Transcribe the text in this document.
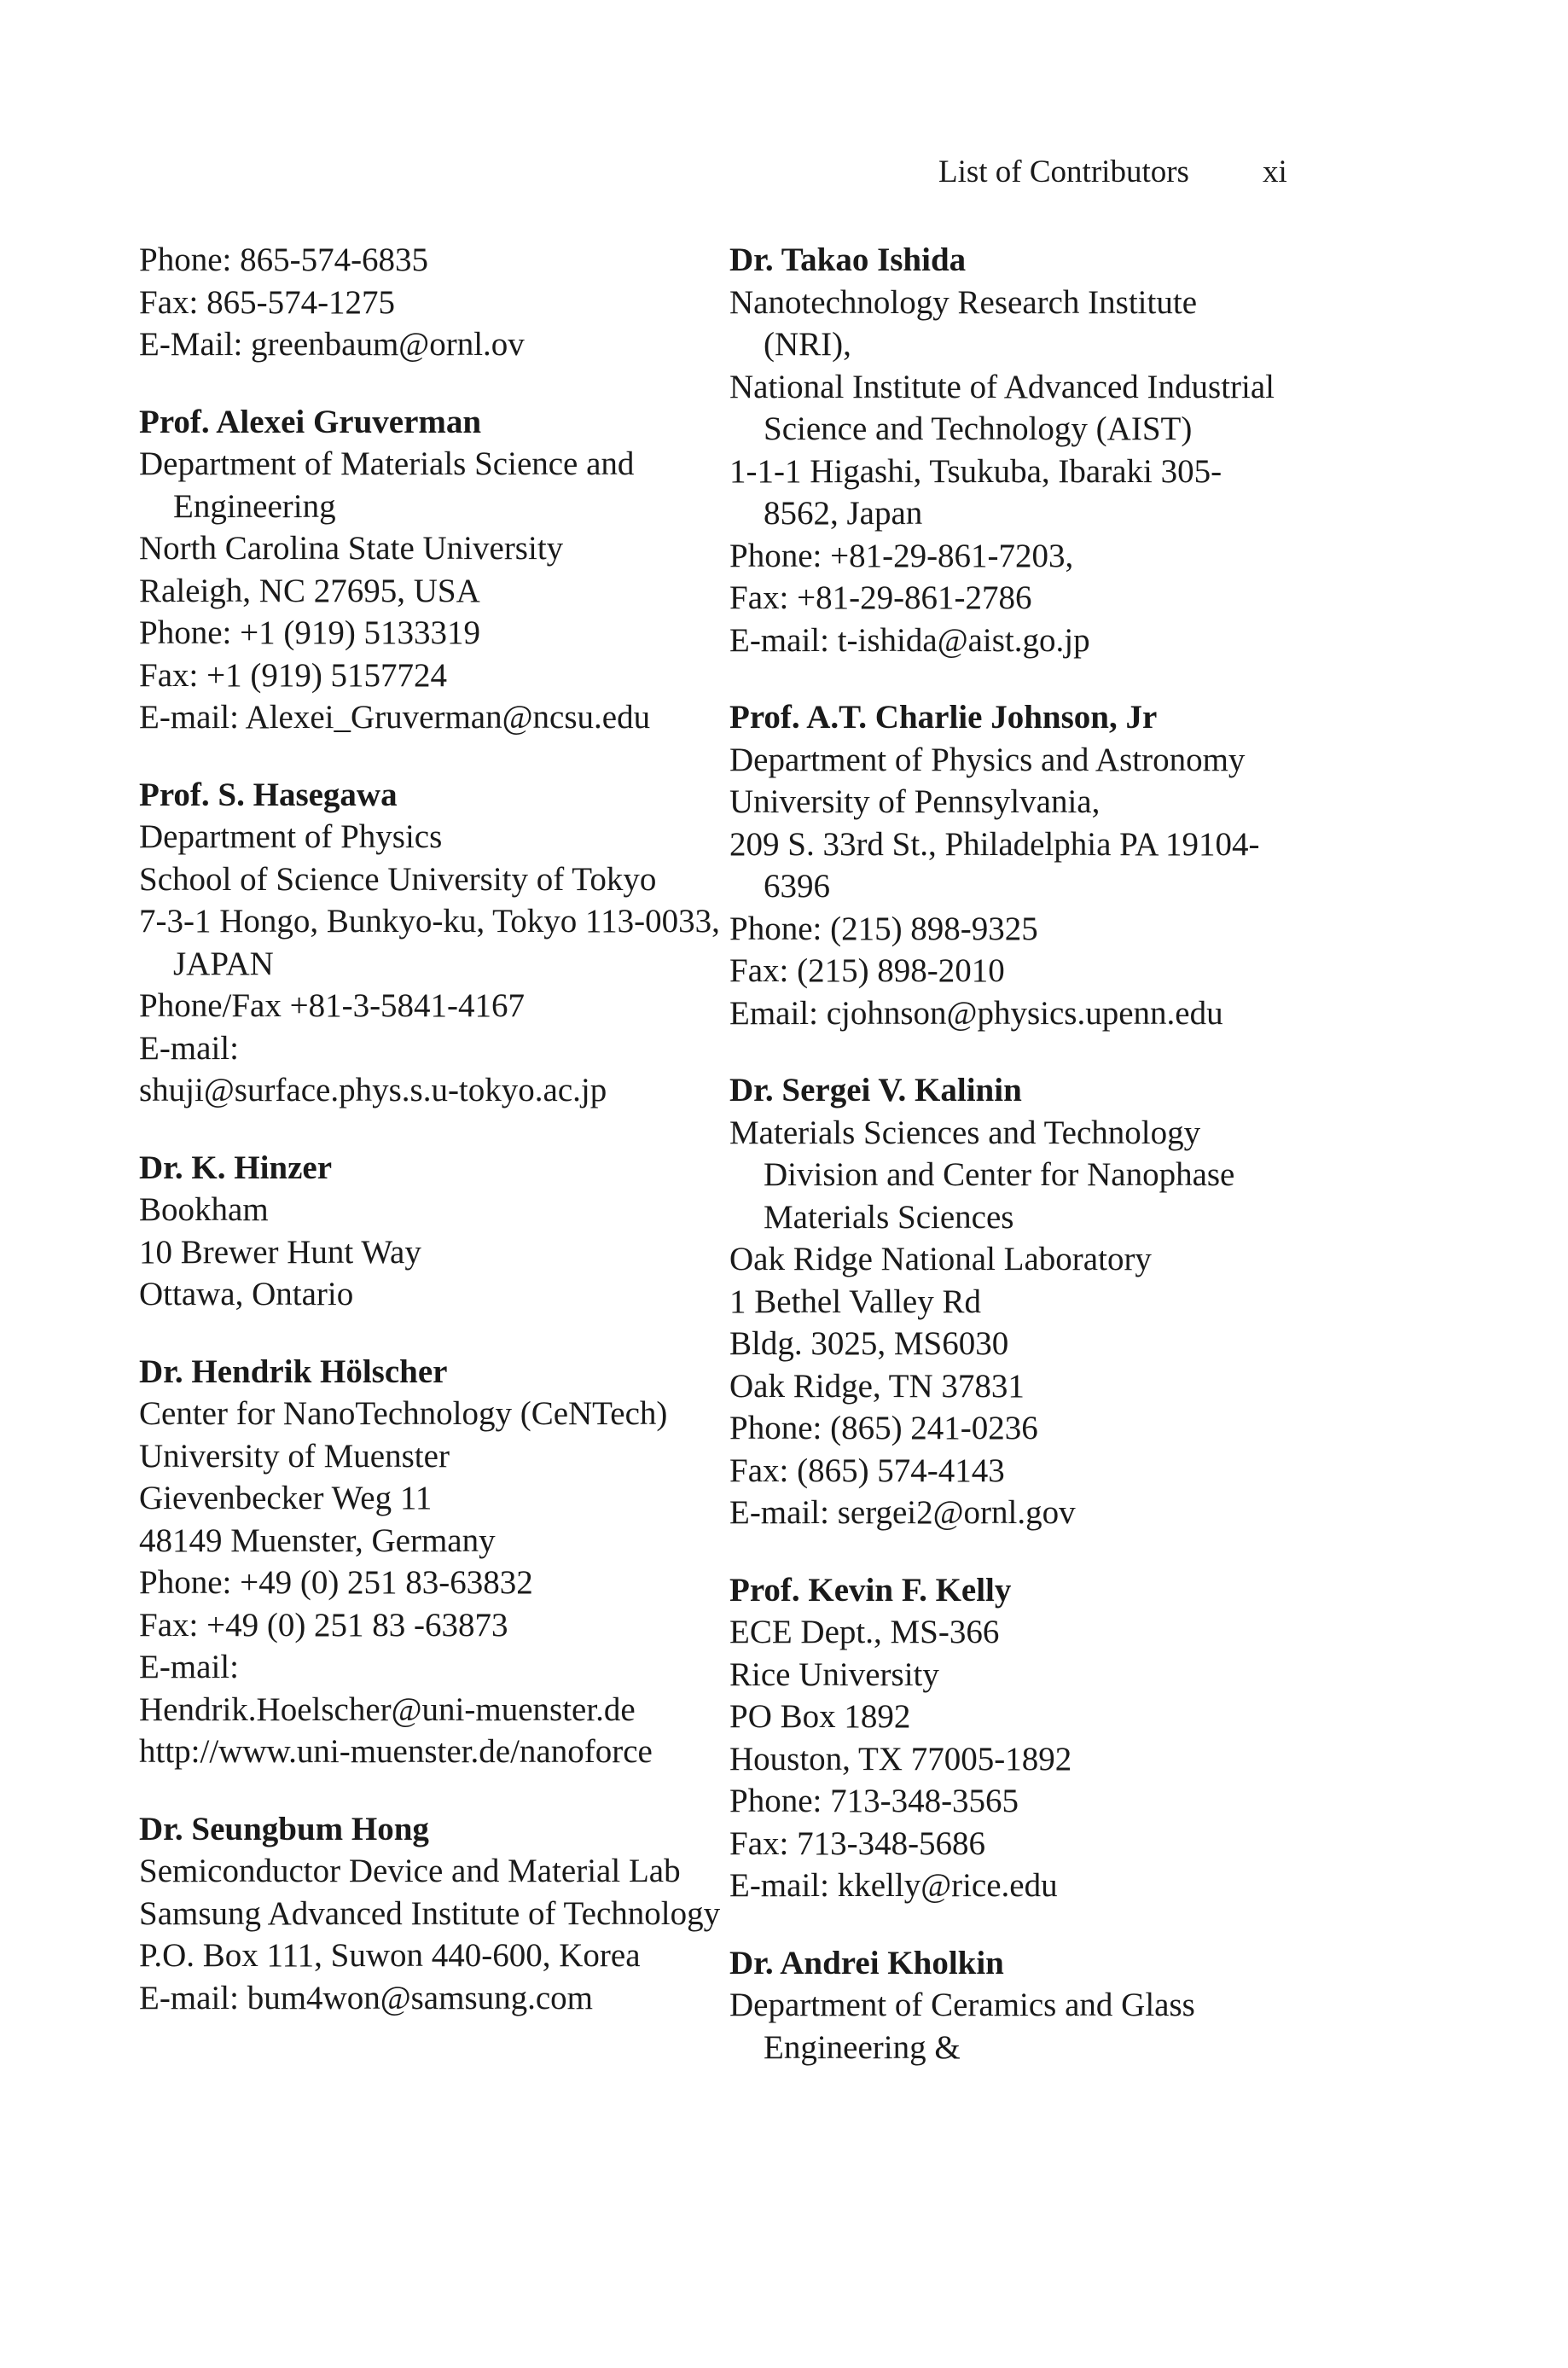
List of Contributors xi
Phone: 865-574-6835
Fax: 865-574-1275
E-Mail: greenbaum@ornl.ov
Prof. Alexei Gruverman
Department of Materials Science and Engineering
North Carolina State University
Raleigh, NC 27695, USA
Phone: +1 (919) 5133319
Fax: +1 (919) 5157724
E-mail: Alexei_Gruverman@ncsu.edu
Prof. S. Hasegawa
Department of Physics
School of Science University of Tokyo
7-3-1 Hongo, Bunkyo-ku, Tokyo 113-0033, JAPAN
Phone/Fax +81-3-5841-4167
E-mail:
shuji@surface.phys.s.u-tokyo.ac.jp
Dr. K. Hinzer
Bookham
10 Brewer Hunt Way
Ottawa, Ontario
Dr. Hendrik Hölscher
Center for NanoTechnology (CeNTech)
University of Muenster
Gievenbecker Weg 11
48149 Muenster, Germany
Phone: +49 (0) 251 83-63832
Fax: +49 (0) 251 83 -63873
E-mail:
Hendrik.Hoelscher@uni-muenster.de
http://www.uni-muenster.de/nanoforce
Dr. Seungbum Hong
Semiconductor Device and Material Lab
Samsung Advanced Institute of Technology
P.O. Box 111, Suwon 440-600, Korea
E-mail: bum4won@samsung.com
Dr. Takao Ishida
Nanotechnology Research Institute (NRI),
National Institute of Advanced Industrial Science and Technology (AIST)
1-1-1 Higashi, Tsukuba, Ibaraki 305-8562, Japan
Phone: +81-29-861-7203,
Fax: +81-29-861-2786
E-mail: t-ishida@aist.go.jp
Prof. A.T. Charlie Johnson, Jr
Department of Physics and Astronomy
University of Pennsylvania,
209 S. 33rd St., Philadelphia PA 19104-6396
Phone: (215) 898-9325
Fax: (215) 898-2010
Email: cjohnson@physics.upenn.edu
Dr. Sergei V. Kalinin
Materials Sciences and Technology Division and Center for Nanophase Materials Sciences
Oak Ridge National Laboratory
1 Bethel Valley Rd
Bldg. 3025, MS6030
Oak Ridge, TN 37831
Phone: (865) 241-0236
Fax: (865) 574-4143
E-mail: sergei2@ornl.gov
Prof. Kevin F. Kelly
ECE Dept., MS-366
Rice University
PO Box 1892
Houston, TX 77005-1892
Phone: 713-348-3565
Fax: 713-348-5686
E-mail: kkelly@rice.edu
Dr. Andrei Kholkin
Department of Ceramics and Glass Engineering &
